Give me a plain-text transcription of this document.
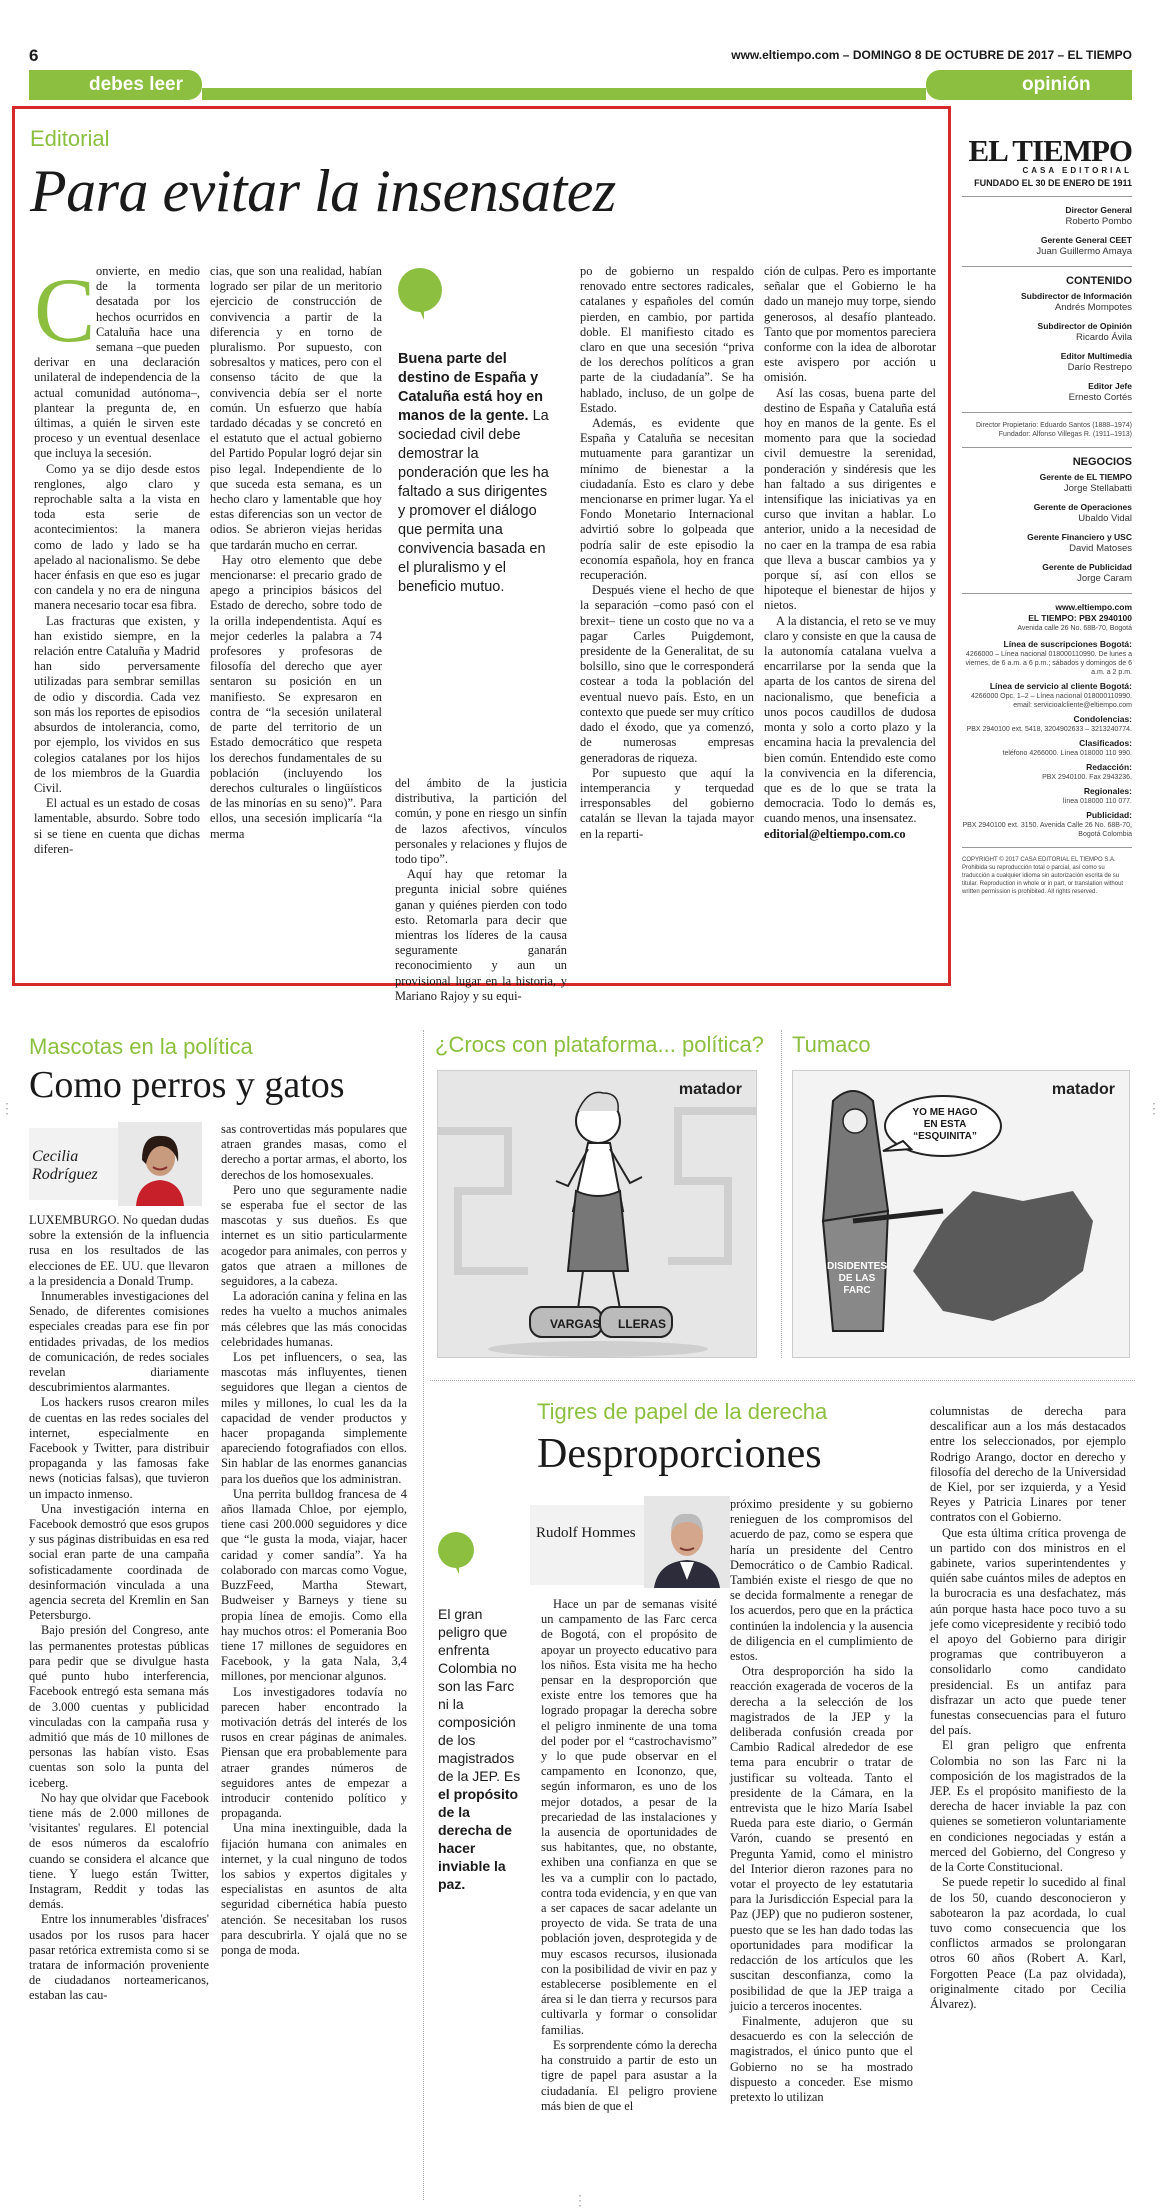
6	www.eltiempo.com – DOMINGO 8 DE OCTUBRE DE 2017 – EL TIEMPO
debes leer	opinión
Editorial
Para evitar la insensatez
C onvierte, en medio de la tormenta desatada por los hechos ocurridos en Cataluña hace una semana –que pueden derivar en una declaración unilateral de independencia de la actual comunidad autónoma–, plantear la pregunta de, en últimas, a quién le sirven este proceso y un eventual desenlace que incluya la secesión.

Como ya se dijo desde estos renglones, algo claro y reprochable salta a la vista en toda esta serie de acontecimientos: la manera como de lado y lado se ha apelado al nacionalismo. Se debe hacer énfasis en que eso es jugar con candela y no era de ninguna manera necesario tocar esa fibra.

Las fracturas que existen, y han existido siempre, en la relación entre Cataluña y Madrid han sido perversamente utilizadas para sembrar semillas de odio y discordia. Cada vez son más los reportes de episodios absurdos de intolerancia, como, por ejemplo, los vividos en sus colegios catalanes por los hijos de los miembros de la Guardia Civil.

El actual es un estado de cosas lamentable, absurdo. Sobre todo si se tiene en cuenta que dichas diferen-

cias, que son una realidad, habían logrado ser pilar de un meritorio ejercicio de construcción de convivencia a partir de la diferencia y en torno de pluralismo. Por supuesto, con sobresaltos y matices, pero con el consenso tácito de que la convivencia debía ser el norte común. Un esfuerzo que había tardado décadas y se concretó en el estatuto que el actual gobierno del Partido Popular logró dejar sin piso legal. Independiente de lo que suceda esta semana, es un hecho claro y lamentable que hoy estas diferencias son un vector de odios. Se abrieron viejas heridas que tardarán mucho en cerrar.

Hay otro elemento que debe mencionarse: el precario grado de apego a principios básicos del Estado de derecho, sobre todo de la orilla independentista. Aquí es mejor cederles la palabra a 74 profesores y profesoras de filosofía del derecho que ayer sentaron su posición en un manifiesto. Se expresaron en contra de “la secesión unilateral de parte del territorio de un Estado democrático que respeta los derechos fundamentales de su población (incluyendo los derechos culturales o lingüísticos de las minorías en su seno)”. Para ellos, una secesión implicaría “la merma

Buena parte del destino de España y Cataluña está hoy en manos de la gente. La sociedad civil debe demostrar la ponderación que les ha faltado a sus dirigentes y promover el diálogo que permita una convivencia basada en el pluralismo y el beneficio mutuo.

del ámbito de la justicia distributiva, la partición del común, y pone en riesgo un sinfín de lazos afectivos, vínculos personales y relaciones y flujos de todo tipo”.

Aquí hay que retomar la pregunta inicial sobre quiénes ganan y quiénes pierden con todo esto. Retomarla para decir que mientras los líderes de la causa seguramente ganarán reconocimiento y aun un provisional lugar en la historia, y Mariano Rajoy y su equi-

po de gobierno un respaldo renovado entre sectores radicales, catalanes y españoles del común pierden, en cambio, por partida doble. El manifiesto citado es claro en que una secesión “priva de los derechos políticos a gran parte de la ciudadanía”. Se ha hablado, incluso, de un golpe de Estado.

Además, es evidente que España y Cataluña se necesitan mutuamente para garantizar un mínimo de bienestar a la ciudadanía. Esto es claro y debe mencionarse en primer lugar. Ya el Fondo Monetario Internacional advirtió sobre lo golpeada que podría salir de este episodio la economía española, hoy en franca recuperación.

Después viene el hecho de que la separación –como pasó con el brexit– tiene un costo que no va a pagar Carles Puigdemont, presidente de la Generalitat, de su bolsillo, sino que le corresponderá costear a toda la población del eventual nuevo país. Esto, en un contexto que puede ser muy crítico dado el éxodo, que ya comenzó, de numerosas empresas generadoras de riqueza.

Por supuesto que aquí la intemperancia y terquedad irresponsables del gobierno catalán se llevan la tajada mayor en la reparti-

ción de culpas. Pero es importante señalar que el Gobierno le ha dado un manejo muy torpe, siendo generosos, al desafío planteado. Tanto que por momentos pareciera conforme con la idea de alborotar este avispero por acción u omisión.

Así las cosas, buena parte del destino de España y Cataluña está hoy en manos de la gente. Es el momento para que la sociedad civil demuestre la serenidad, ponderación y sindéresis que les han faltado a sus dirigentes e intensifique las iniciativas ya en curso que invitan a hablar. Lo anterior, unido a la necesidad de no caer en la trampa de esa rabia que lleva a buscar cambios ya y porque sí, así con ellos se hipoteque el bienestar de hijos y nietos.

A la distancia, el reto se ve muy claro y consiste en que la causa de la autonomía catalana vuelva a encarrilarse por la senda que la aparta de los cantos de sirena del nacionalismo, que beneficia a unos pocos caudillos de dudosa monta y solo a corto plazo y la encamina hacia la prevalencia del bien común. Entendido este como la convivencia en la diferencia, que es de lo que se trata la democracia. Todo lo demás es, cuando menos, una insensatez.

editorial@eltiempo.com.co

EL TIEMPO
CASA EDITORIAL
FUNDADO EL 30 DE ENERO DE 1911
Director General
Roberto Pombo
Gerente General CEET
Juan Guillermo Amaya
CONTENIDO
Subdirector de Información
Andrés Mompotes
Subdirector de Opinión
Ricardo Ávila
Editor Multimedia
Darío Restrepo
Editor Jefe
Ernesto Cortés
Director Propietario: Eduardo Santos (1888–1974)
Fundador: Alfonso Villegas R. (1911–1913)
NEGOCIOS
Gerente de EL TIEMPO
Jorge Stellabatti
Gerente de Operaciones
Ubaldo Vidal
Gerente Financiero y USC
David Matoses
Gerente de Publicidad
Jorge Caram
www.eltiempo.com
EL TIEMPO: PBX 2940100
Avenida calle 26 No. 68B-70, Bogotá
Línea de suscripciones Bogotá:
4266000 – Línea nacional 018000110990. De lunes a viernes, de 6 a.m. a 6 p.m.; sábados y domingos de 6 a.m. a 2 p.m.
Línea de servicio al cliente Bogotá:
4266000 Opc. 1–2 – Línea nacional 018000110990. email: servicioalcliente@eltiempo.com
Condolencias:
PBX 2940100 ext. 5418, 3204902633 – 3213240774.
Clasificados:
teléfono 4266000. Línea 018000 110 990.
Redacción:
PBX 2940100. Fax 2943236.
Regionales:
línea 018000 110 077.
Publicidad:
PBX 2940100 ext. 3150. Avenida Calle 26 No. 68B-70, Bogotá Colombia
COPYRIGHT © 2017 CASA EDITORIAL EL TIEMPO S.A. Prohibida su reproducción total o parcial, así como su traducción a cualquier idioma sin autorización escrita de su titular. Reproduction in whole or in part, or translation without written permission is prohibited. All rights reserved.
⋮	⋮
⋮
Mascotas en la política
Como perros y gatos
Cecilia Rodríguez

LUXEMBURGO. No quedan dudas sobre la extensión de la influencia rusa en los resultados de las elecciones de EE. UU. que llevaron a la presidencia a Donald Trump.

Innumerables investigaciones del Senado, de diferentes comisiones especiales creadas para ese fin por entidades privadas, de los medios de comunicación, de redes sociales revelan diariamente descubrimientos alarmantes.

Los hackers rusos crearon miles de cuentas en las redes sociales del internet, especialmente en Facebook y Twitter, para distribuir propaganda y las famosas fake news (noticias falsas), que tuvieron un impacto inmenso.

Una investigación interna en Facebook demostró que esos grupos y sus páginas distribuidas en esa red social eran parte de una campaña sofisticadamente coordinada de desinformación vinculada a una agencia secreta del Kremlin en San Petersburgo.

Bajo presión del Congreso, ante las permanentes protestas públicas para pedir que se divulgue hasta qué punto hubo interferencia, Facebook entregó esta semana más de 3.000 cuentas y publicidad vinculadas con la campaña rusa y admitió que más de 10 millones de personas las habían visto. Esas cuentas son solo la punta del iceberg.

No hay que olvidar que Facebook tiene más de 2.000 millones de 'visitantes' regulares. El potencial de esos números da escalofrío cuando se considera el alcance que tiene. Y luego están Twitter, Instagram, Reddit y todas las demás.

Entre los innumerables 'disfraces' usados por los rusos para hacer pasar retórica extremista como si se tratara de información proveniente de ciudadanos norteamericanos, estaban las cau-

sas controvertidas más populares que atraen grandes masas, como el derecho a portar armas, el aborto, los derechos de los homosexuales.

Pero uno que seguramente nadie se esperaba fue el sector de las mascotas y sus dueños. Es que internet es un sitio particularmente acogedor para animales, con perros y gatos que atraen a millones de seguidores, a la cabeza.

La adoración canina y felina en las redes ha vuelto a muchos animales más célebres que las más conocidas celebridades humanas.

Los pet influencers, o sea, las mascotas más influyentes, tienen seguidores que llegan a cientos de miles y millones, lo cual les da la capacidad de vender productos y hacer propaganda simplemente apareciendo fotografiados con ellos. Sin hablar de las enormes ganancias para los dueños que los administran.

Una perrita bulldog francesa de 4 años llamada Chloe, por ejemplo, tiene casi 200.000 seguidores y dice que “le gusta la moda, viajar, hacer caridad y comer sandía”. Ya ha colaborado con marcas como Vogue, BuzzFeed, Martha Stewart, Budweiser y Barneys y tiene su propia línea de emojis. Como ella hay muchos otros: el Pomerania Boo tiene 17 millones de seguidores en Facebook, y la gata Nala, 3,4 millones, por mencionar algunos.

Los investigadores todavía no parecen haber encontrado la motivación detrás del interés de los rusos en crear páginas de animales. Piensan que era probablemente para atraer grandes números de seguidores antes de empezar a introducir contenido político y propaganda.

Una mina inextinguible, dada la fijación humana con animales en internet, y la cual ninguno de todos los sabios y expertos digitales y especialistas en asuntos de alta seguridad cibernética había puesto atención. Se necesitaban los rusos para descubrirla. Y ojalá que no se ponga de moda.

¿Crocs con plataforma... política?
matador
VARGAS LLERAS
Tumaco
matador
YO ME HAGO EN ESTA “ESQUINITA”
DISIDENTES DE LAS FARC
Tigres de papel de la derecha
Desproporciones
Rudolf Hommes
El gran peligro que enfrenta Colombia no son las Farc ni la composición de los magistrados de la JEP. Es el propósito de la derecha de hacer inviable la paz.

Hace un par de semanas visité un campamento de las Farc cerca de Bogotá, con el propósito de apoyar un proyecto educativo para los niños. Esta visita me ha hecho pensar en la desproporción que existe entre los temores que ha logrado propagar la derecha sobre el peligro inminente de una toma del poder por el “castrochavismo” y lo que pude observar en el campamento en Icononzo, que, según informaron, es uno de los mejor dotados, a pesar de la precariedad de las instalaciones y la ausencia de oportunidades de sus habitantes, que, no obstante, exhiben una confianza en que se les va a cumplir con lo pactado, contra toda evidencia, y en que van a ser capaces de sacar adelante un proyecto de vida. Se trata de una población joven, desprotegida y de muy escasos recursos, ilusionada con la posibilidad de vivir en paz y establecerse posiblemente en el área si le dan tierra y recursos para cultivarla y formar o consolidar familias.

Es sorprendente cómo la derecha ha construido a partir de esto un tigre de papel para asustar a la ciudadanía. El peligro proviene más bien de que el

próximo presidente y su gobierno renieguen de los compromisos del acuerdo de paz, como se espera que haría un presidente del Centro Democrático o de Cambio Radical. También existe el riesgo de que no se decida formalmente a renegar de los acuerdos, pero que en la práctica continúen la indolencia y la ausencia de diligencia en el cumplimiento de estos.

Otra desproporción ha sido la reacción exagerada de voceros de la derecha a la selección de los magistrados de la JEP y la deliberada confusión creada por Cambio Radical alrededor de ese tema para encubrir o tratar de justificar su volteada. Tanto el presidente de la Cámara, en la entrevista que le hizo María Isabel Rueda para este diario, o Germán Varón, cuando se presentó en Pregunta Yamid, como el ministro del Interior dieron razones para no votar el proyecto de ley estatutaria para la Jurisdicción Especial para la Paz (JEP) que no pudieron sostener, puesto que se les han dado todas las oportunidades para modificar la redacción de los artículos que les suscitan desconfianza, como la posibilidad de que la JEP traiga a juicio a terceros inocentes.

Finalmente, adujeron que su desacuerdo es con la selección de magistrados, el único punto que el Gobierno no se ha mostrado dispuesto a conceder. Ese mismo pretexto lo utilizan

columnistas de derecha para descalificar aun a los más destacados entre los seleccionados, por ejemplo Rodrigo Arango, doctor en derecho y filosofía del derecho de la Universidad de Kiel, por ser izquierda, y a Yesid Reyes y Patricia Linares por tener contratos con el Gobierno.

Que esta última crítica provenga de un partido con dos ministros en el gabinete, varios superintendentes y quién sabe cuántos miles de adeptos en la burocracia es una desfachatez, más aún porque hasta hace poco tuvo a su jefe como vicepresidente y recibió todo el apoyo del Gobierno para dirigir programas que contribuyeron a consolidarlo como candidato presidencial. Es un antifaz para disfrazar un acto que puede tener funestas consecuencias para el futuro del país.

El gran peligro que enfrenta Colombia no son las Farc ni la composición de los magistrados de la JEP. Es el propósito manifiesto de la derecha de hacer inviable la paz con quienes se sometieron voluntariamente en condiciones negociadas y están a merced del Gobierno, del Congreso y de la Corte Constitucional.

Se puede repetir lo sucedido al final de los 50, cuando desconocieron y sabotearon la paz acordada, lo cual tuvo como consecuencia que los conflictos armados se prolongaran otros 60 años (Robert A. Karl, Forgotten Peace (La paz olvidada), originalmente citado por Cecilia Álvarez).
